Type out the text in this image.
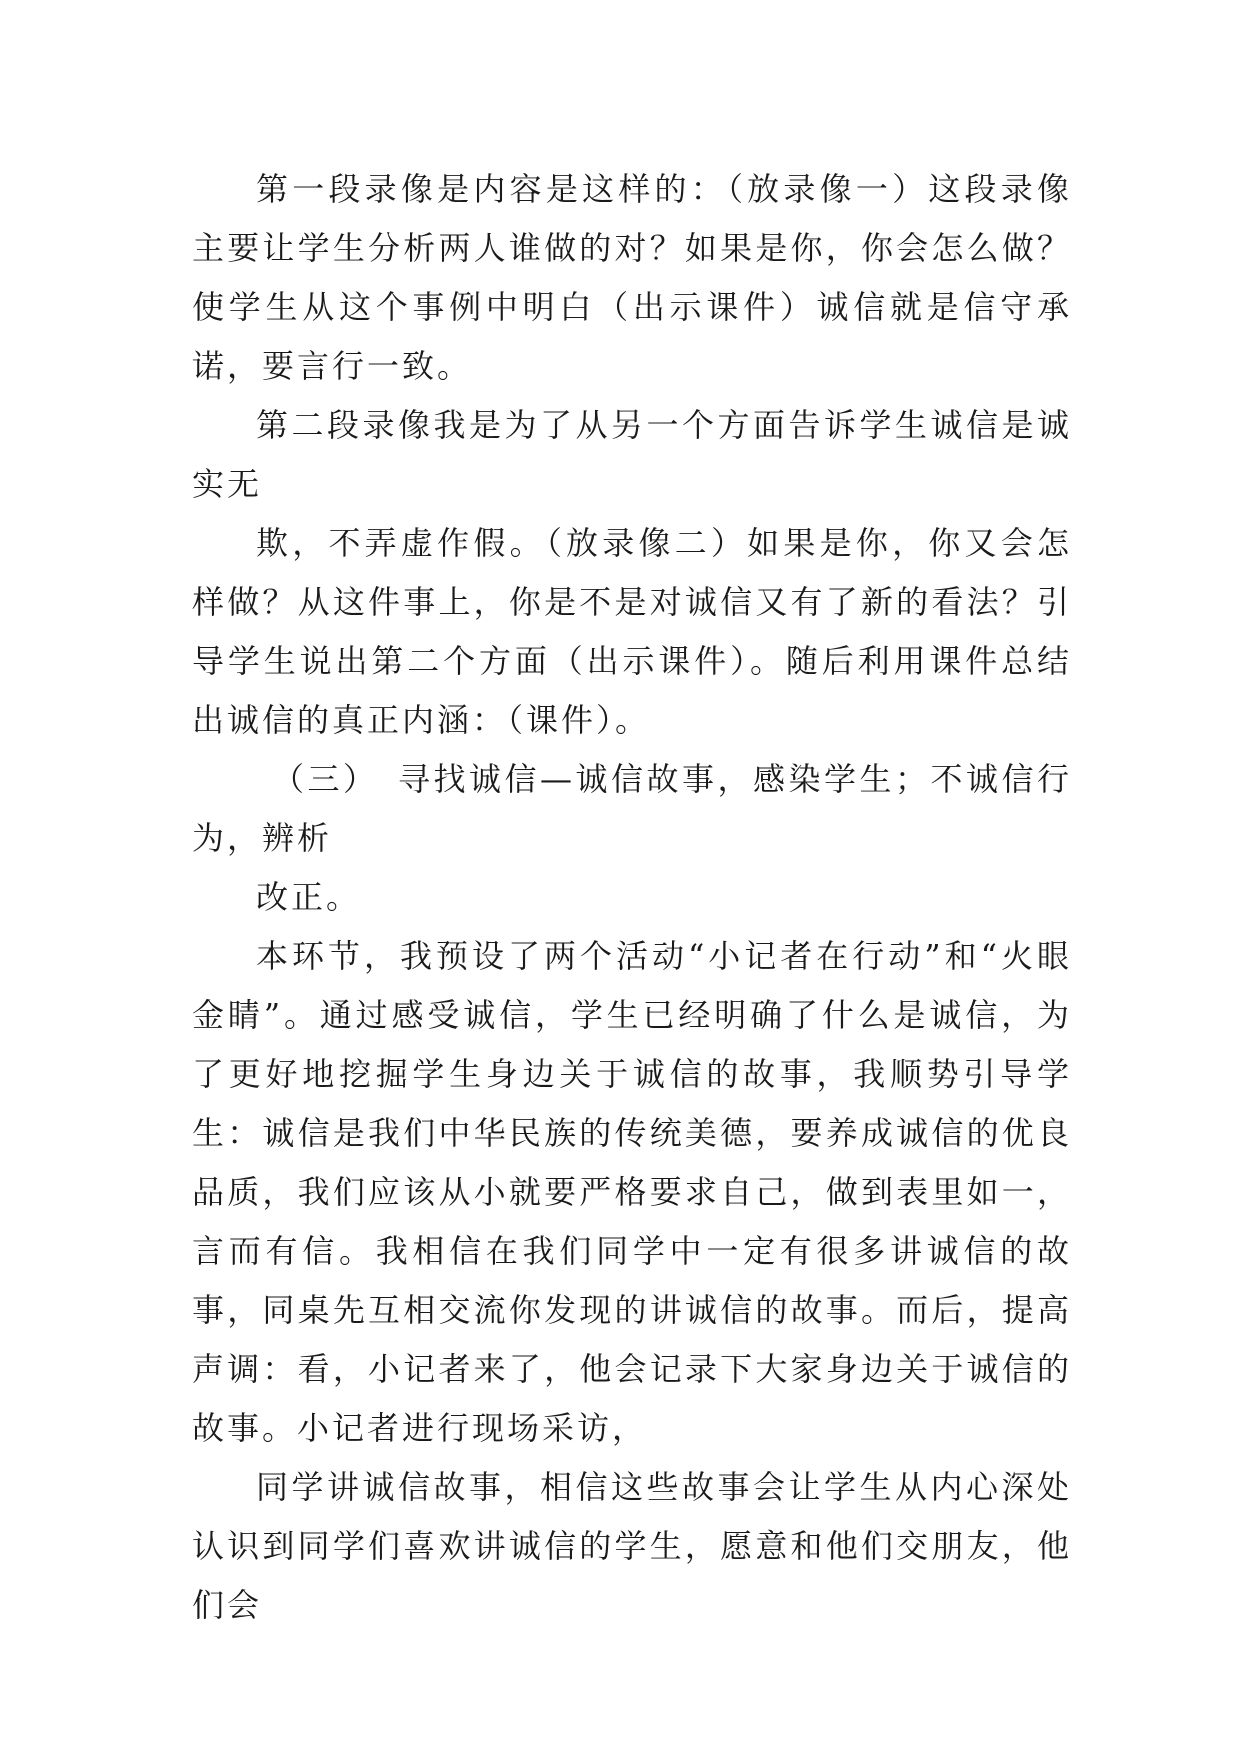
第一段录像是内容是这样的：（放录像一）这段录像主要让学生分析两人谁做的对？如果是你，你会怎么做？使学生从这个事例中明白（出示课件）诚信就是信守承诺，要言行一致。

第二段录像我是为了从另一个方面告诉学生诚信是诚实无

欺，不弄虚作假。（放录像二）如果是你，你又会怎样做？从这件事上，你是不是对诚信又有了新的看法？引导学生说出第二个方面（出示课件）。随后利用课件总结出诚信的真正内涵：（课件）。

（三）　寻找诚信—诚信故事，感染学生；不诚信行为，辨析

改正。

本环节，我预设了两个活动“小记者在行动”和“火眼金睛”。通过感受诚信，学生已经明确了什么是诚信，为了更好地挖掘学生身边关于诚信的故事，我顺势引导学生：诚信是我们中华民族的传统美德，要养成诚信的优良品质，我们应该从小就要严格要求自己，做到表里如一，言而有信。我相信在我们同学中一定有很多讲诚信的故事，同桌先互相交流你发现的讲诚信的故事。而后，提高声调：看，小记者来了，他会记录下大家身边关于诚信的故事。小记者进行现场采访，

同学讲诚信故事，相信这些故事会让学生从内心深处认识到同学们喜欢讲诚信的学生，愿意和他们交朋友，他们会
